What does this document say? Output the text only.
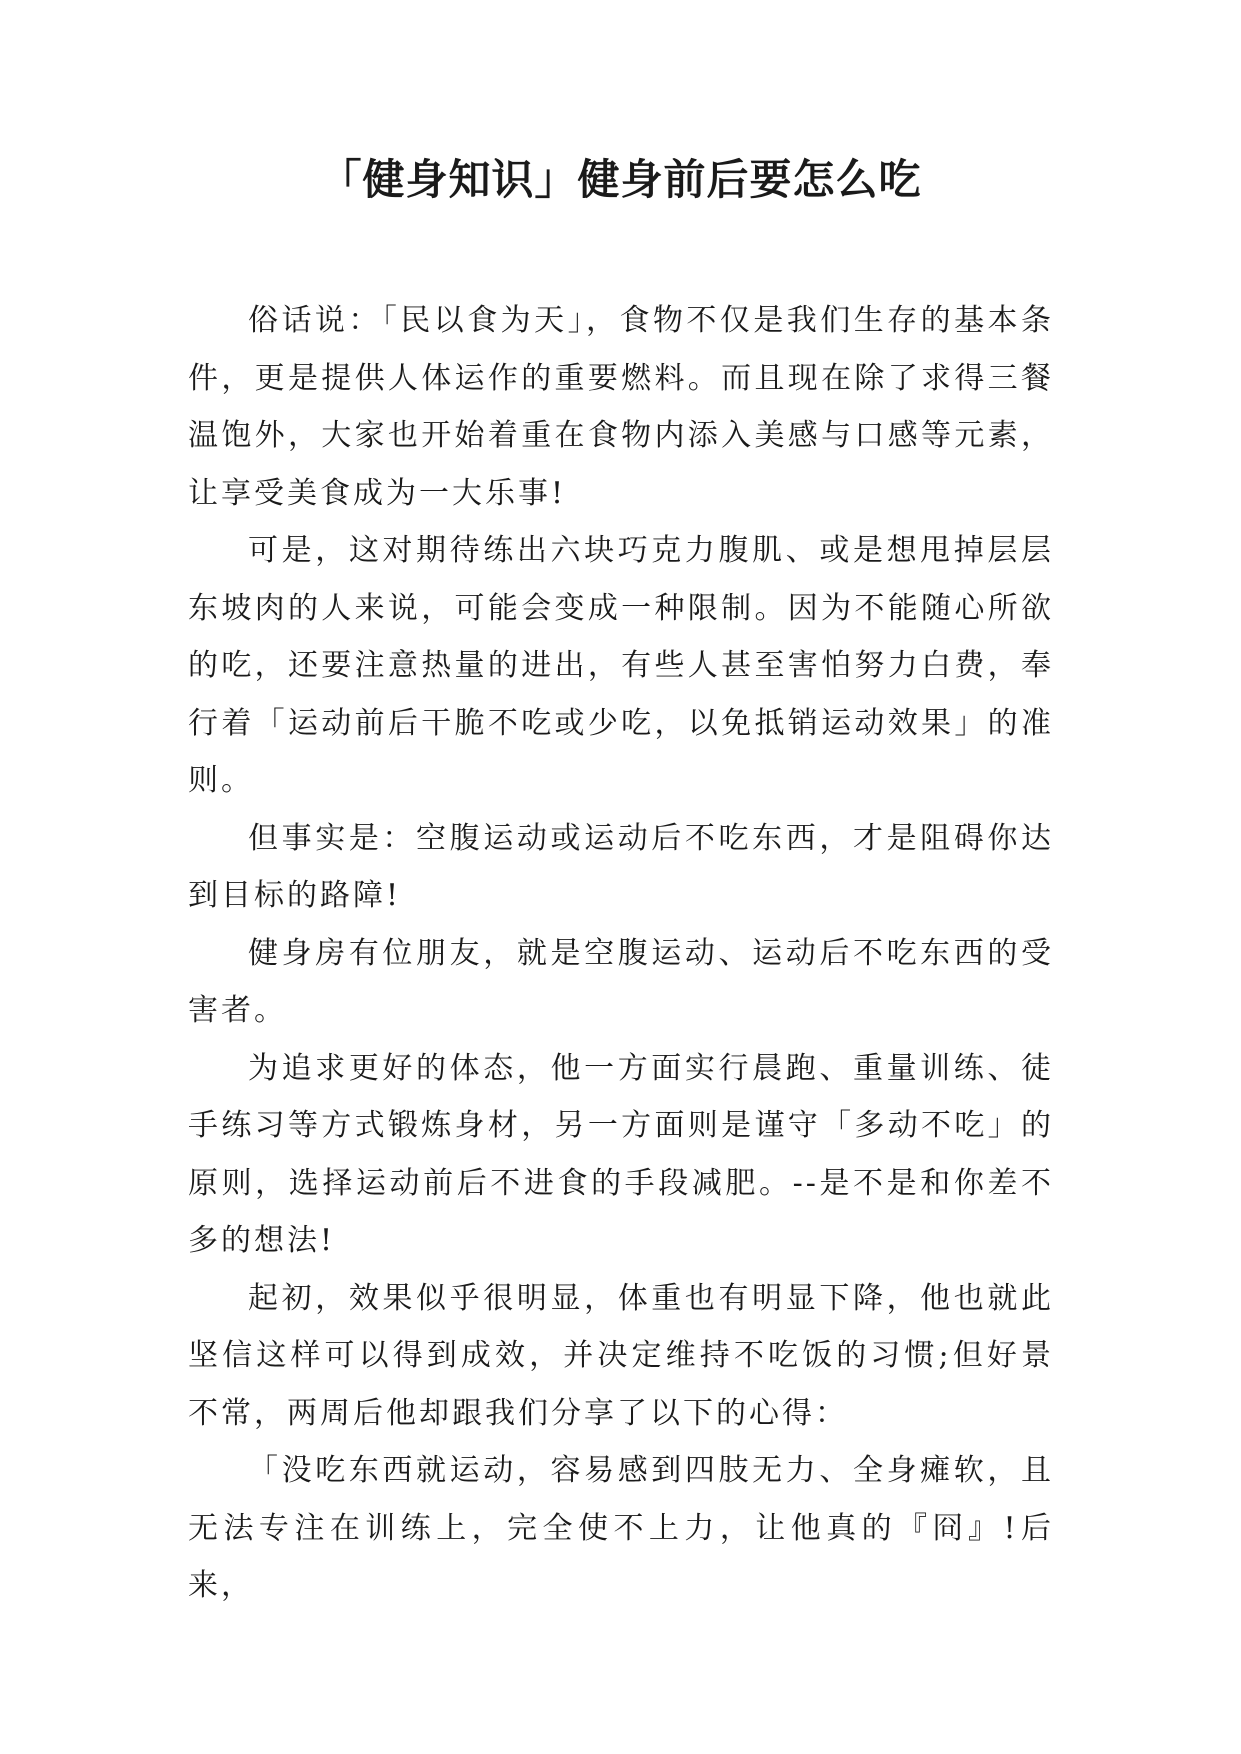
「健身知识」健身前后要怎么吃

俗话说：「民以食为天」，食物不仅是我们生存的基本条件，更是提供人体运作的重要燃料。而且现在除了求得三餐温饱外，大家也开始着重在食物内添入美感与口感等元素，让享受美食成为一大乐事!

可是，这对期待练出六块巧克力腹肌、或是想甩掉层层东坡肉的人来说，可能会变成一种限制。因为不能随心所欲的吃，还要注意热量的进出，有些人甚至害怕努力白费，奉行着「运动前后干脆不吃或少吃，以免抵销运动效果」的准则。

但事实是：空腹运动或运动后不吃东西，才是阻碍你达到目标的路障!

健身房有位朋友，就是空腹运动、运动后不吃东西的受害者。

为追求更好的体态，他一方面实行晨跑、重量训练、徒手练习等方式锻炼身材，另一方面则是谨守「多动不吃」的原则，选择运动前后不进食的手段减肥。--是不是和你差不多的想法!

起初，效果似乎很明显，体重也有明显下降，他也就此坚信这样可以得到成效，并决定维持不吃饭的习惯;但好景不常，两周后他却跟我们分享了以下的心得：

「没吃东西就运动，容易感到四肢无力、全身瘫软，且无法专注在训练上，完全使不上力，让他真的『冏』!后来，
